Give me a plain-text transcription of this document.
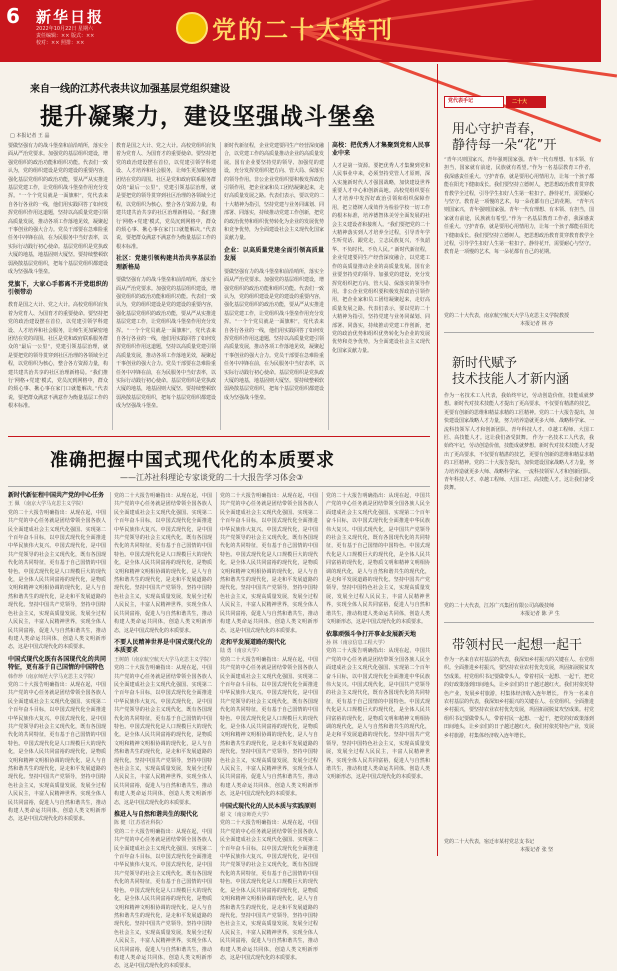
6 新华日报
2022年10月22日 星期六
责任编辑：×× 版式：××
校对：×× 照排：××	党的二十大特刊
来自一线的江苏代表共议加强基层党组织建设
提升凝聚力，建设坚强战斗堡垒
□ 本报记者 王 晶
要做坚强有力的战斗堡垒和前沿哨所，落实全面从严治党要求。加强党的基层组织建设，增强党组织的政治功能和组织功能。代表们一致认为，党的组织建设是党的建设的重要内容，强化基层党组织的政治功能，要从严从实推进基层党建工作，让党组织战斗堡垒作用充分发挥。“一个个党员就是一面旗帜”，党代表来自各行各业的一线，他们用实践回答了如何发挥党组织作用这道题，坚持以高质量党建引领高质量发展，推动各项工作落地见效，凝聚起干事创业的强大合力。党员干部要在急难险重任务中冲锋在前，在为民服务中当好表率，以实际行动践行初心使命。基层党组织是党执政大厦的地基，地基固则大厦坚。要持续整顿软弱涣散基层党组织，把每个基层党组织都建设成为坚强战斗堡垒。
党旗下，大家心手都离不开党组织的引领带动
教育是国之大计、党之大计。高校党组织肩负着为党育人、为国育才的重要使命。要坚持把党的政治建设摆在首位，以党建引领学科建设、人才培养和社会服务，让师生更加紧密地团结在党的周围。社区是党和政府联系服务群众的“最后一公里”，党建引领基层治理，就是要把党的领导贯穿到社区治理的各领域全过程，以党组织为核心，整合各方资源力量，构建共建共治共享的社区治理新格局。“我们推行‘网格+党建’模式，党员沉到网格中，群众的烦心事、揪心事在家门口就能解决。”代表说，要把群众满意不满意作为衡量基层工作的根本标准。
教育是国之大计、党之大计。高校党组织肩负着为党育人、为国育才的重要使命。要坚持把党的政治建设摆在首位，以党建引领学科建设、人才培养和社会服务，让师生更加紧密地团结在党的周围。社区是党和政府联系服务群众的“最后一公里”，党建引领基层治理，就是要把党的领导贯穿到社区治理的各领域全过程，以党组织为核心，整合各方资源力量，构建共建共治共享的社区治理新格局。“我们推行‘网格+党建’模式，党员沉到网格中，群众的烦心事、揪心事在家门口就能解决。”代表说，要把群众满意不满意作为衡量基层工作的根本标准。
社区：党建引领构建共治共享基层治理新格局
要做坚强有力的战斗堡垒和前沿哨所，落实全面从严治党要求。加强党的基层组织建设，增强党组织的政治功能和组织功能。代表们一致认为，党的组织建设是党的建设的重要内容，强化基层党组织的政治功能，要从严从实推进基层党建工作，让党组织战斗堡垒作用充分发挥。“一个个党员就是一面旗帜”，党代表来自各行各业的一线，他们用实践回答了如何发挥党组织作用这道题，坚持以高质量党建引领高质量发展，推动各项工作落地见效，凝聚起干事创业的强大合力。党员干部要在急难险重任务中冲锋在前，在为民服务中当好表率，以实际行动践行初心使命。基层党组织是党执政大厦的地基，地基固则大厦坚。要持续整顿软弱涣散基层党组织，把每个基层党组织都建设成为坚强战斗堡垒。
新时代新征程，企业党建要同生产经营深度融合，以党建工作的高质量推动企业的高质量发展。国有企业要坚持党的领导、加强党的建设，充分发挥党组织把方向、管大局、保落实的领导作用。非公企业党组织要积极发挥政治引领作用，把企业家和员工团结凝聚起来，走好高质量发展之路。代表们表示，要以党的二十大精神为指引，坚持党建与业务同谋划、同部署、同落实，持续推动党建工作创新，把党的政治优势和组织优势转化为企业的发展优势和竞争优势，为全面建设社会主义现代化国家贡献力量。
企业：以高质量党建全面引领高质量发展
要做坚强有力的战斗堡垒和前沿哨所，落实全面从严治党要求。加强党的基层组织建设，增强党组织的政治功能和组织功能。代表们一致认为，党的组织建设是党的建设的重要内容，强化基层党组织的政治功能，要从严从实推进基层党建工作，让党组织战斗堡垒作用充分发挥。“一个个党员就是一面旗帜”，党代表来自各行各业的一线，他们用实践回答了如何发挥党组织作用这道题，坚持以高质量党建引领高质量发展，推动各项工作落地见效，凝聚起干事创业的强大合力。党员干部要在急难险重任务中冲锋在前，在为民服务中当好表率，以实际行动践行初心使命。基层党组织是党执政大厦的地基，地基固则大厦坚。要持续整顿软弱涣散基层党组织，把每个基层党组织都建设成为坚强战斗堡垒。
高校：把优秀人才集聚到党和人民事业中来
人才是第一资源。要把优秀人才集聚到党和人民事业中来，必须坚持党管人才原则，深入实施新时代人才强国战略，加快建设世界重要人才中心和创新高地。高校党组织要在人才培养中发挥好政治引领和组织保障作用，把立德树人成效作为检验学校一切工作的根本标准，培养德智体美劳全面发展的社会主义建设者和接班人。“我们要把党的二十大精神落实到人才培养全过程，引导青年学生听党话、跟党走，立志民族复兴，不负韶华、不负时代、不负人民。” 新时代新征程，企业党建要同生产经营深度融合，以党建工作的高质量推动企业的高质量发展。国有企业要坚持党的领导、加强党的建设，充分发挥党组织把方向、管大局、保落实的领导作用。非公企业党组织要积极发挥政治引领作用，把企业家和员工团结凝聚起来，走好高质量发展之路。代表们表示，要以党的二十大精神为指引，坚持党建与业务同谋划、同部署、同落实，持续推动党建工作创新，把党的政治优势和组织优势转化为企业的发展优势和竞争优势，为全面建设社会主义现代化国家贡献力量。
准确把握中国式现代化的本质要求
——江苏社科理论专家谈党的二十大报告学习体会③
新时代新征程中国共产党的中心任务
王 佩 （南京大学马克思主义学院）
党的二十大报告明确指出：从现在起，中国共产党的中心任务就是团结带领全国各族人民全面建成社会主义现代化强国、实现第二个百年奋斗目标，以中国式现代化全面推进中华民族伟大复兴。中国式现代化，是中国共产党领导的社会主义现代化，既有各国现代化的共同特征，更有基于自己国情的中国特色。中国式现代化是人口规模巨大的现代化，是全体人民共同富裕的现代化，是物质文明和精神文明相协调的现代化，是人与自然和谐共生的现代化，是走和平发展道路的现代化。坚持中国共产党领导，坚持中国特色社会主义，实现高质量发展，发展全过程人民民主，丰富人民精神世界，实现全体人民共同富裕，促进人与自然和谐共生，推动构建人类命运共同体，创造人类文明新形态，这是中国式现代化的本质要求。
中国式现代化既有各国现代化的共同特征，更有基于自己国情的中国特色
韩作珍（南京师范大学马克思主义学院）
党的二十大报告明确指出：从现在起，中国共产党的中心任务就是团结带领全国各族人民全面建成社会主义现代化强国、实现第二个百年奋斗目标，以中国式现代化全面推进中华民族伟大复兴。中国式现代化，是中国共产党领导的社会主义现代化，既有各国现代化的共同特征，更有基于自己国情的中国特色。中国式现代化是人口规模巨大的现代化，是全体人民共同富裕的现代化，是物质文明和精神文明相协调的现代化，是人与自然和谐共生的现代化，是走和平发展道路的现代化。坚持中国共产党领导，坚持中国特色社会主义，实现高质量发展，发展全过程人民民主，丰富人民精神世界，实现全体人民共同富裕，促进人与自然和谐共生，推动构建人类命运共同体，创造人类文明新形态，这是中国式现代化的本质要求。
党的二十大报告明确指出：从现在起，中国共产党的中心任务就是团结带领全国各族人民全面建成社会主义现代化强国、实现第二个百年奋斗目标，以中国式现代化全面推进中华民族伟大复兴。中国式现代化，是中国共产党领导的社会主义现代化，既有各国现代化的共同特征，更有基于自己国情的中国特色。中国式现代化是人口规模巨大的现代化，是全体人民共同富裕的现代化，是物质文明和精神文明相协调的现代化，是人与自然和谐共生的现代化，是走和平发展道路的现代化。坚持中国共产党领导，坚持中国特色社会主义，实现高质量发展，发展全过程人民民主，丰富人民精神世界，实现全体人民共同富裕，促进人与自然和谐共生，推动构建人类命运共同体，创造人类文明新形态，这是中国式现代化的本质要求。
不要人民精神世界是中国式现代化的本质要求
王树荫（南京航空航天大学马克思主义学院）
党的二十大报告明确指出：从现在起，中国共产党的中心任务就是团结带领全国各族人民全面建成社会主义现代化强国、实现第二个百年奋斗目标，以中国式现代化全面推进中华民族伟大复兴。中国式现代化，是中国共产党领导的社会主义现代化，既有各国现代化的共同特征，更有基于自己国情的中国特色。中国式现代化是人口规模巨大的现代化，是全体人民共同富裕的现代化，是物质文明和精神文明相协调的现代化，是人与自然和谐共生的现代化，是走和平发展道路的现代化。坚持中国共产党领导，坚持中国特色社会主义，实现高质量发展，发展全过程人民民主，丰富人民精神世界，实现全体人民共同富裕，促进人与自然和谐共生，推动构建人类命运共同体，创造人类文明新形态，这是中国式现代化的本质要求。
推进人与自然和谐共生的现代化
陈 健（江苏省社科院）
党的二十大报告明确指出：从现在起，中国共产党的中心任务就是团结带领全国各族人民全面建成社会主义现代化强国、实现第二个百年奋斗目标，以中国式现代化全面推进中华民族伟大复兴。中国式现代化，是中国共产党领导的社会主义现代化，既有各国现代化的共同特征，更有基于自己国情的中国特色。中国式现代化是人口规模巨大的现代化，是全体人民共同富裕的现代化，是物质文明和精神文明相协调的现代化，是人与自然和谐共生的现代化，是走和平发展道路的现代化。坚持中国共产党领导，坚持中国特色社会主义，实现高质量发展，发展全过程人民民主，丰富人民精神世界，实现全体人民共同富裕，促进人与自然和谐共生，推动构建人类命运共同体，创造人类文明新形态，这是中国式现代化的本质要求。
党的二十大报告明确指出：从现在起，中国共产党的中心任务就是团结带领全国各族人民全面建成社会主义现代化强国、实现第二个百年奋斗目标，以中国式现代化全面推进中华民族伟大复兴。中国式现代化，是中国共产党领导的社会主义现代化，既有各国现代化的共同特征，更有基于自己国情的中国特色。中国式现代化是人口规模巨大的现代化，是全体人民共同富裕的现代化，是物质文明和精神文明相协调的现代化，是人与自然和谐共生的现代化，是走和平发展道路的现代化。坚持中国共产党领导，坚持中国特色社会主义，实现高质量发展，发展全过程人民民主，丰富人民精神世界，实现全体人民共同富裕，促进人与自然和谐共生，推动构建人类命运共同体，创造人类文明新形态，这是中国式现代化的本质要求。
走和平发展道路的现代化
陆 勇（南京大学）
党的二十大报告明确指出：从现在起，中国共产党的中心任务就是团结带领全国各族人民全面建成社会主义现代化强国、实现第二个百年奋斗目标，以中国式现代化全面推进中华民族伟大复兴。中国式现代化，是中国共产党领导的社会主义现代化，既有各国现代化的共同特征，更有基于自己国情的中国特色。中国式现代化是人口规模巨大的现代化，是全体人民共同富裕的现代化，是物质文明和精神文明相协调的现代化，是人与自然和谐共生的现代化，是走和平发展道路的现代化。坚持中国共产党领导，坚持中国特色社会主义，实现高质量发展，发展全过程人民民主，丰富人民精神世界，实现全体人民共同富裕，促进人与自然和谐共生，推动构建人类命运共同体，创造人类文明新形态，这是中国式现代化的本质要求。
中国式现代化的人民本质与实践原则
谢 文（南京师范大学）
党的二十大报告明确指出：从现在起，中国共产党的中心任务就是团结带领全国各族人民全面建成社会主义现代化强国、实现第二个百年奋斗目标，以中国式现代化全面推进中华民族伟大复兴。中国式现代化，是中国共产党领导的社会主义现代化，既有各国现代化的共同特征，更有基于自己国情的中国特色。中国式现代化是人口规模巨大的现代化，是全体人民共同富裕的现代化，是物质文明和精神文明相协调的现代化，是人与自然和谐共生的现代化，是走和平发展道路的现代化。坚持中国共产党领导，坚持中国特色社会主义，实现高质量发展，发展全过程人民民主，丰富人民精神世界，实现全体人民共同富裕，促进人与自然和谐共生，推动构建人类命运共同体，创造人类文明新形态，这是中国式现代化的本质要求。
党的二十大报告明确指出：从现在起，中国共产党的中心任务就是团结带领全国各族人民全面建成社会主义现代化强国、实现第二个百年奋斗目标，以中国式现代化全面推进中华民族伟大复兴。中国式现代化，是中国共产党领导的社会主义现代化，既有各国现代化的共同特征，更有基于自己国情的中国特色。中国式现代化是人口规模巨大的现代化，是全体人民共同富裕的现代化，是物质文明和精神文明相协调的现代化，是人与自然和谐共生的现代化，是走和平发展道路的现代化。坚持中国共产党领导，坚持中国特色社会主义，实现高质量发展，发展全过程人民民主，丰富人民精神世界，实现全体人民共同富裕，促进人与自然和谐共生，推动构建人类命运共同体，创造人类文明新形态，这是中国式现代化的本质要求。
依靠顽强斗争打开事业发展新天地
孙 林（南京信息工程大学）
党的二十大报告明确指出：从现在起，中国共产党的中心任务就是团结带领全国各族人民全面建成社会主义现代化强国、实现第二个百年奋斗目标，以中国式现代化全面推进中华民族伟大复兴。中国式现代化，是中国共产党领导的社会主义现代化，既有各国现代化的共同特征，更有基于自己国情的中国特色。中国式现代化是人口规模巨大的现代化，是全体人民共同富裕的现代化，是物质文明和精神文明相协调的现代化，是人与自然和谐共生的现代化，是走和平发展道路的现代化。坚持中国共产党领导，坚持中国特色社会主义，实现高质量发展，发展全过程人民民主，丰富人民精神世界，实现全体人民共同富裕，促进人与自然和谐共生，推动构建人类命运共同体，创造人类文明新形态，这是中国式现代化的本质要求。
党代表手记	二十大
用心守护青春，
静待每一朵“花”开
“青年兴则国家兴，青年强则国家强。青年一代有理想、有本领、有担当，国家就有前途，民族就有希望。”作为一名基层教育工作者，我深感责任重大。守护青春，就是要用心用情用力，让每一个孩子都能在阳光下健康成长。我们要坚持立德树人，把思想政治教育贯穿教育教学全过程，引导学生扣好人生第一粒扣子。静待花开，需要耐心与坚守。教育是一项慢的艺术，每一朵花都有自己的花期。 “青年兴则国家兴，青年强则国家强。青年一代有理想、有本领、有担当，国家就有前途，民族就有希望。”作为一名基层教育工作者，我深感责任重大。守护青春，就是要用心用情用力，让每一个孩子都能在阳光下健康成长。我们要坚持立德树人，把思想政治教育贯穿教育教学全过程，引导学生扣好人生第一粒扣子。静待花开，需要耐心与坚守。教育是一项慢的艺术，每一朵花都有自己的花期。
党的二十大代表，南京航空航天大学马克思主义学院教授
本报记者 林 亦
新时代赋予
技术技能人才新内涵
作为一名技术工人代表，我始终牢记，劳动创造价值，技能成就梦想。新时代对技术技能人才提出了更高要求，不仅要有精湛的技艺，更要有创新的思维和精益求精的工匠精神。党的二十大报告提出，加快建设国家战略人才力量，努力培养造就更多大师、战略科学家、一流科技领军人才和创新团队、青年科技人才、卓越工程师、大国工匠、高技能人才。这让我们备受鼓舞。 作为一名技术工人代表，我始终牢记，劳动创造价值，技能成就梦想。新时代对技术技能人才提出了更高要求，不仅要有精湛的技艺，更要有创新的思维和精益求精的工匠精神。党的二十大报告提出，加快建设国家战略人才力量，努力培养造就更多大师、战略科学家、一流科技领军人才和创新团队、青年科技人才、卓越工程师、大国工匠、高技能人才。这让我们备受鼓舞。
党的二十大代表，江苏广兴集团有限公司高级技师
本报记者 陈 尹 生
带领村民一起想一起干
作为一名来自农村基层的代表，我深知乡村振兴的关键在人、在党组织。全面推进乡村振兴，要坚持农业农村优先发展，巩固拓展脱贫攻坚成果。村党组织书记要做带头人，带着村民一起想、一起干，把党的好政策落到田间地头，让乡亲们的日子越过越红火。我们村依托特色产业，发展乡村旅游，村集体经济收入连年增长。 作为一名来自农村基层的代表，我深知乡村振兴的关键在人、在党组织。全面推进乡村振兴，要坚持农业农村优先发展，巩固拓展脱贫攻坚成果。村党组织书记要做带头人，带着村民一起想、一起干，把党的好政策落到田间地头，让乡亲们的日子越过越红火。我们村依托特色产业，发展乡村旅游，村集体经济收入连年增长。
党的二十大代表，宿迁市某村党总支书记
本报记者 张 坚
